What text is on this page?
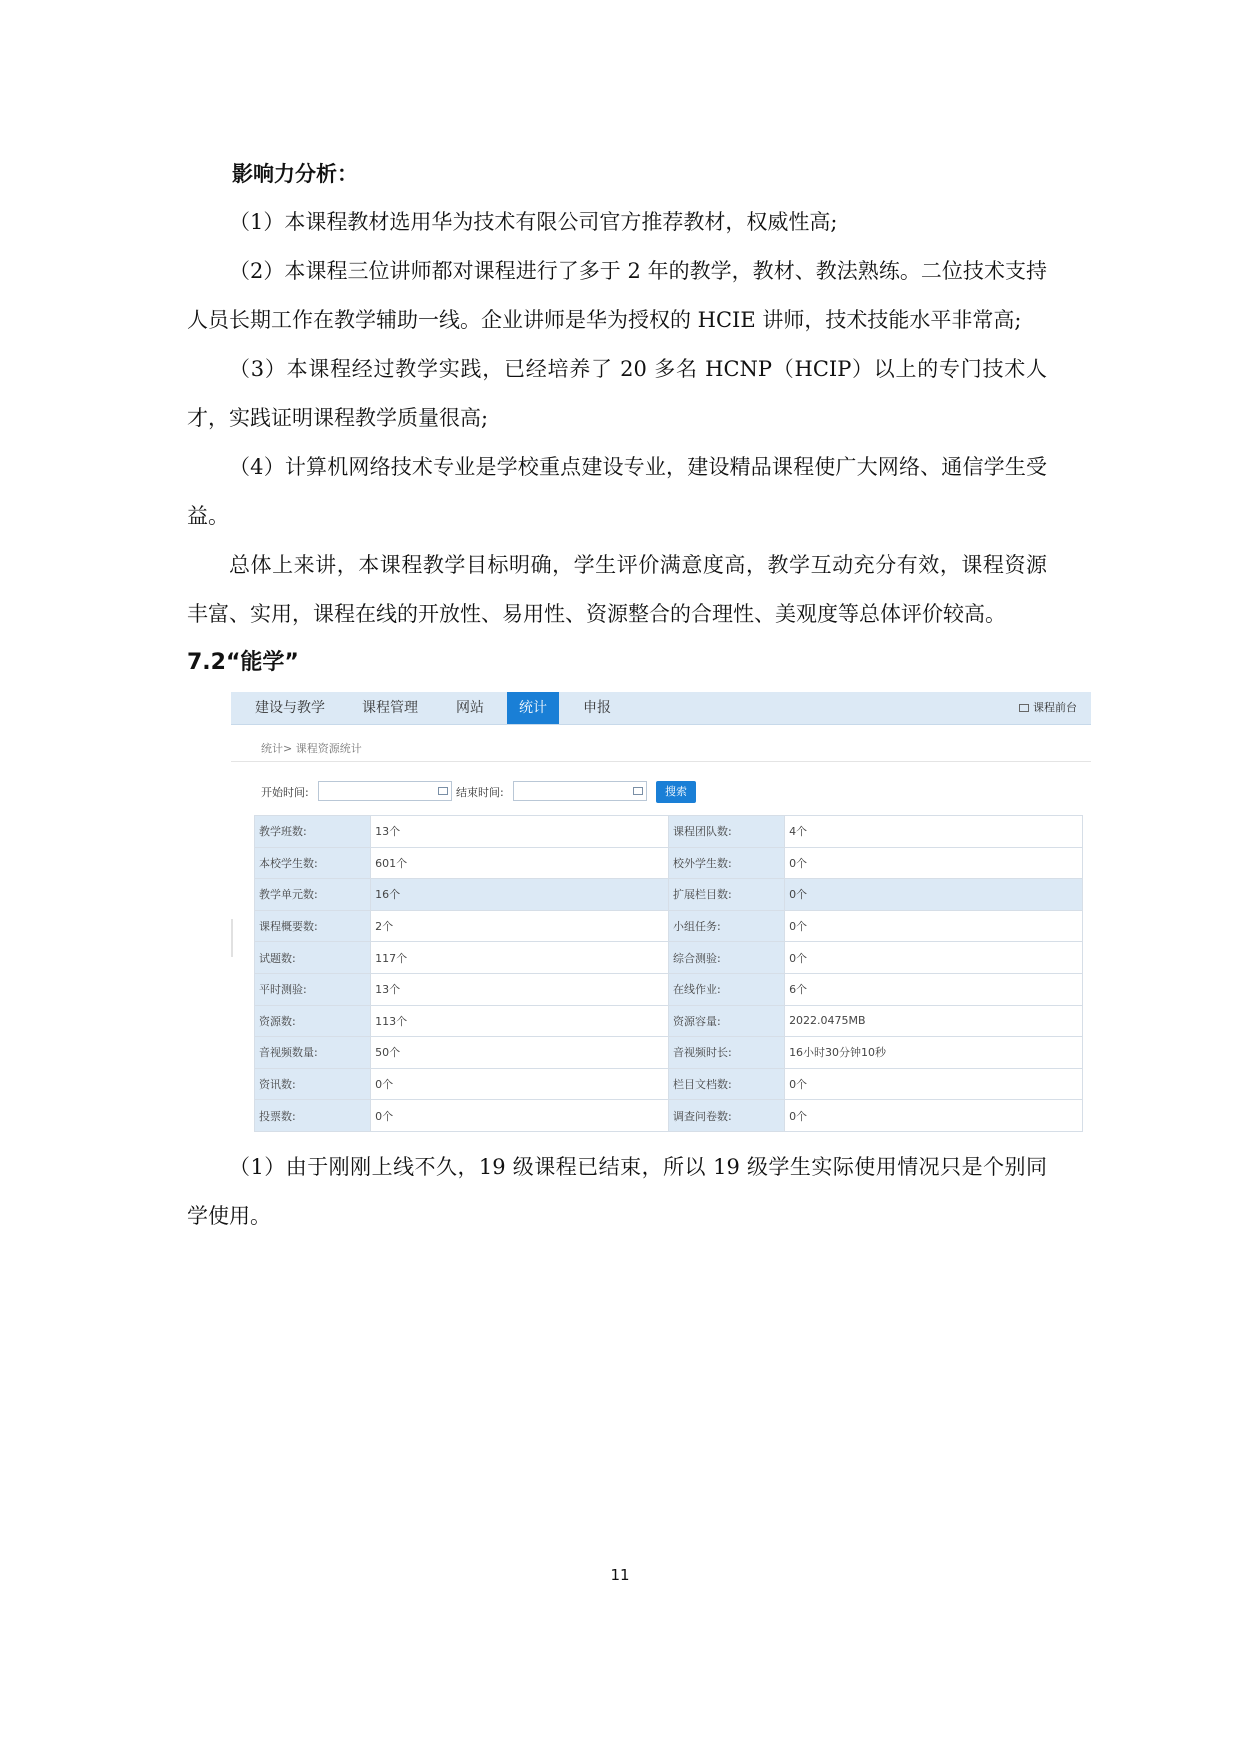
影响力分析：

（1）本课程教材选用华为技术有限公司官方推荐教材，权威性高;

（2）本课程三位讲师都对课程进行了多于 2 年的教学，教材、教法熟练。二位技术支持人员长期工作在教学辅助一线。企业讲师是华为授权的 HCIE 讲师，技术技能水平非常高;

（3）本课程经过教学实践，已经培养了 20 多名 HCNP（HCIP）以上的专门技术人才，实践证明课程教学质量很高;

（4）计算机网络技术专业是学校重点建设专业，建设精品课程使广大网络、通信学生受益。

总体上来讲，本课程教学目标明确，学生评价满意度高，教学互动充分有效，课程资源丰富、实用，课程在线的开放性、易用性、资源整合的合理性、美观度等总体评价较高。

7.2“能学”
建设与教学	课程管理	网站	统计	申报	课程前台
统计> 课程资源统计
开始时间:	结束时间:	搜索
教学班数:	13个	课程团队数:	4个
本校学生数:	601个	校外学生数:	0个
教学单元数:	16个	扩展栏目数:	0个
课程概要数:	2个	小组任务:	0个
试题数:	117个	综合测验:	0个
平时测验:	13个	在线作业:	6个
资源数:	113个	资源容量:	2022.0475MB
音视频数量:	50个	音视频时长:	16小时30分钟10秒
资讯数:	0个	栏目文档数:	0个
投票数:	0个	调查问卷数:	0个

（1）由于刚刚上线不久，19 级课程已结束，所以 19 级学生实际使用情况只是个别同学使用。

11
